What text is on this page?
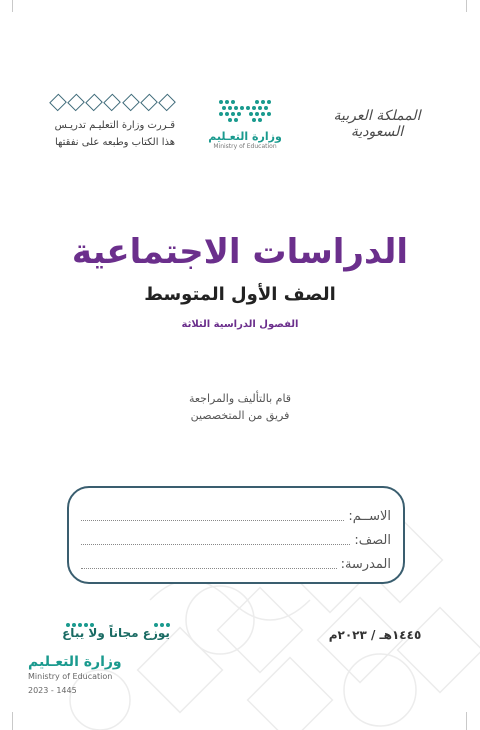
قـررت وزارة التعليـم تدريـس
هذا الكتاب وطبعه على نفقتها	وزارة التعـليم
Ministry of Education
المملكة العربية السعودية
الدراسات الاجتماعية
الصف الأول المتوسط
الفصول الدراسية الثلاثة
قام بالتأليف والمراجعة
فريق من المتخصصين
الاســم:
الصف:
المدرسة:
١٤٤٥هـ / ٢٠٢٣م
يوزع مجاناً ولا يباع
وزارة التعـليم
Ministry of Education
2023 - 1445
